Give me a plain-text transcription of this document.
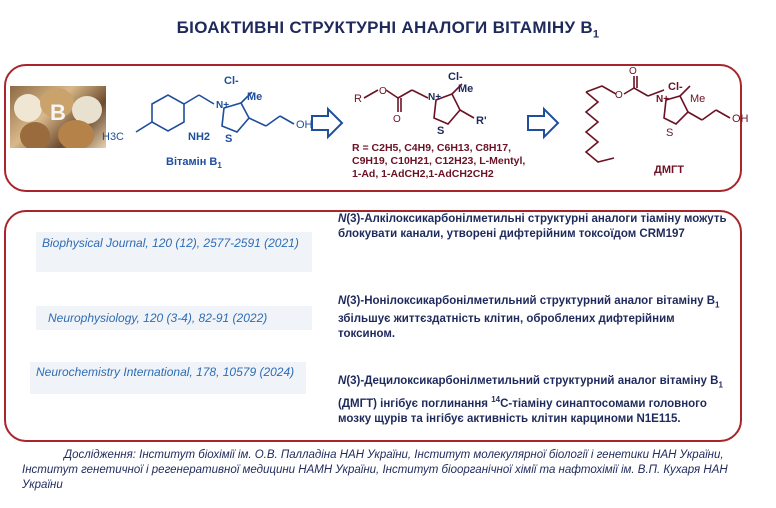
БІОАКТИВНІ СТРУКТУРНІ АНАЛОГИ ВІТАМІНУ $В_1$
B
H3C	NH2
Cl-
Me
N+
S
OH
Вітамін $В_1$
R
O
O
Cl-
Me
N+
S
R'
R = C2H5, C4H9, C6H13, C8H17,
C9H19, C10H21, C12H23, L-Mentyl,
1-Ad, 1-AdCH2,1-AdCH2CH2
O
O
Cl-
Me
N+
S
OH
ДМГТ
Biophysical Journal, 120 (12), 2577-2591 (2021)
N(3)-Алкілоксикарбонілметильні структурні аналоги тіаміну можуть блокувати канали, утворені дифтерійним токсоїдом CRM197
Neurophysiology, 120 (3-4), 82-91 (2022)
N(3)-Нонілоксикарбонілметильний структурний аналог вітаміну $В_1$ збільшує життєздатність клітин, оброблених дифтерійним токсином.
Neurochemistry International, 178, 10579 (2024)
N(3)-Децилоксикарбонілметильний структурний аналог вітаміну $В_1$ (ДМГТ) інгібує поглинання $^{14}$С-тіаміну синаптосомами головного мозку щурів та інгібує активність клітин карциноми N1E115.
Дослідження: Інститут біохімії ім. О.В. Палладіна НАН України, Інститут молекулярної біології і генетики НАН України, Інститут генетичної і регенеративної медицини НАМН України, Інститут біоорганічної хімії та нафтохімії ім. В.П. Кухаря НАН України
